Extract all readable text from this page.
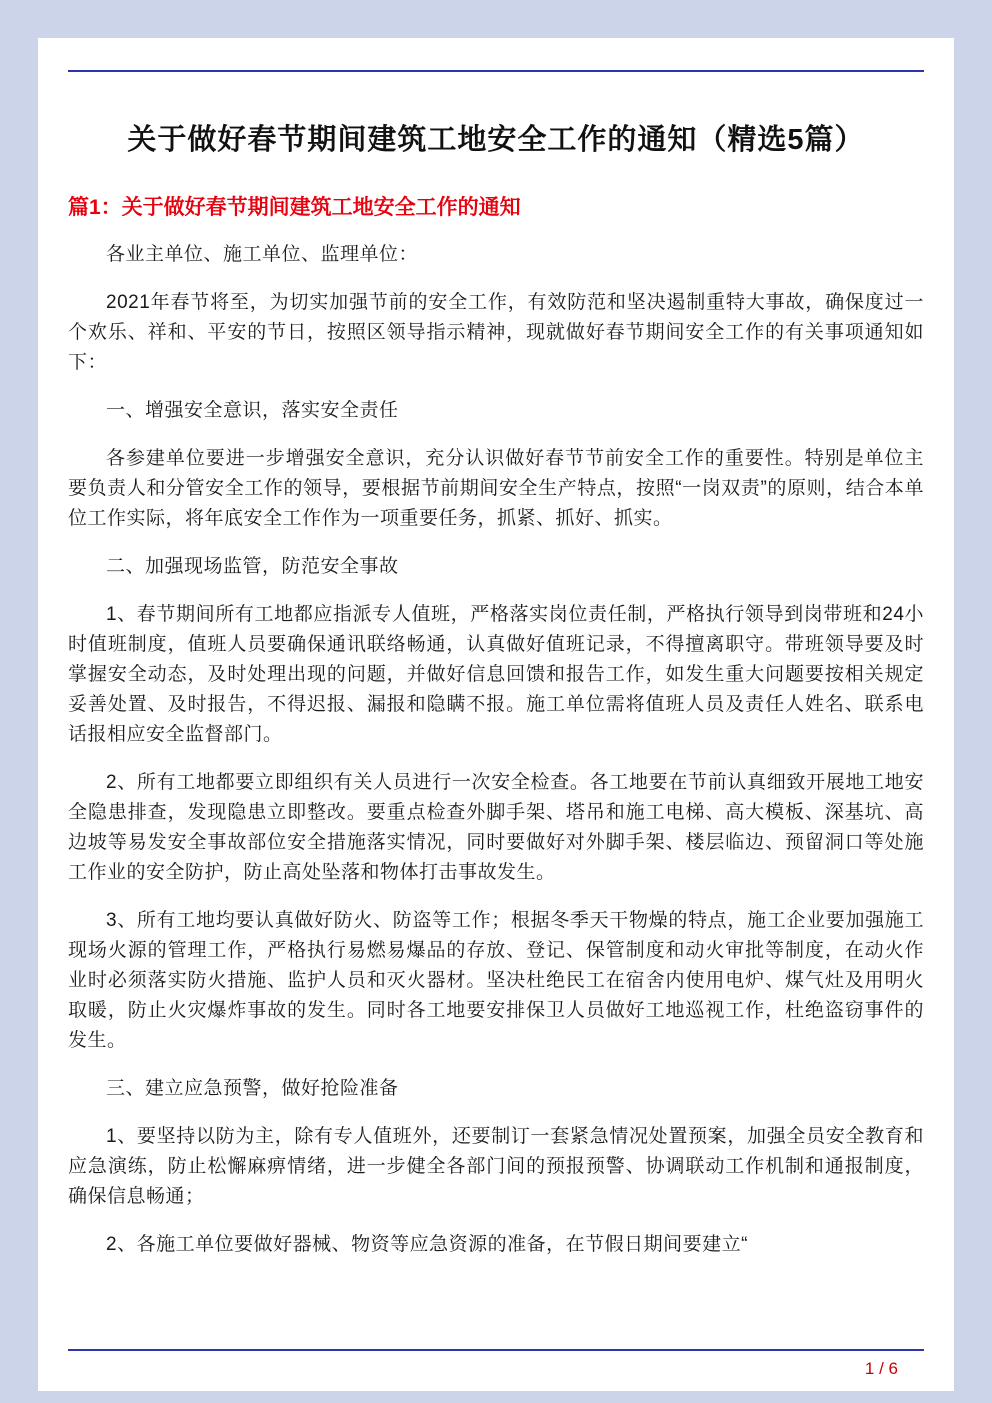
关于做好春节期间建筑工地安全工作的通知（精选5篇）
篇1：关于做好春节期间建筑工地安全工作的通知

各业主单位、施工单位、监理单位：

2021年春节将至，为切实加强节前的安全工作，有效防范和坚决遏制重特大事故，确保度过一个欢乐、祥和、平安的节日，按照区领导指示精神，现就做好春节期间安全工作的有关事项通知如下：

一、增强安全意识，落实安全责任

各参建单位要进一步增强安全意识，充分认识做好春节节前安全工作的重要性。特别是单位主要负责人和分管安全工作的领导，要根据节前期间安全生产特点，按照“一岗双责”的原则，结合本单位工作实际，将年底安全工作作为一项重要任务，抓紧、抓好、抓实。

二、加强现场监管，防范安全事故

1、春节期间所有工地都应指派专人值班，严格落实岗位责任制，严格执行领导到岗带班和24小时值班制度，值班人员要确保通讯联络畅通，认真做好值班记录，不得擅离职守。带班领导要及时掌握安全动态，及时处理出现的问题，并做好信息回馈和报告工作，如发生重大问题要按相关规定妥善处置、及时报告，不得迟报、漏报和隐瞒不报。施工单位需将值班人员及责任人姓名、联系电话报相应安全监督部门。

2、所有工地都要立即组织有关人员进行一次安全检查。各工地要在节前认真细致开展地工地安全隐患排查，发现隐患立即整改。要重点检查外脚手架、塔吊和施工电梯、高大模板、深基坑、高边坡等易发安全事故部位安全措施落实情况，同时要做好对外脚手架、楼层临边、预留洞口等处施工作业的安全防护，防止高处坠落和物体打击事故发生。

3、所有工地均要认真做好防火、防盗等工作；根据冬季天干物燥的特点，施工企业要加强施工现场火源的管理工作，严格执行易燃易爆品的存放、登记、保管制度和动火审批等制度，在动火作业时必须落实防火措施、监护人员和灭火器材。坚决杜绝民工在宿舍内使用电炉、煤气灶及用明火取暖，防止火灾爆炸事故的发生。同时各工地要安排保卫人员做好工地巡视工作，杜绝盗窃事件的发生。

三、建立应急预警，做好抢险准备

1、要坚持以防为主，除有专人值班外，还要制订一套紧急情况处置预案，加强全员安全教育和应急演练，防止松懈麻痹情绪，进一步健全各部门间的预报预警、协调联动工作机制和通报制度，确保信息畅通；

2、各施工单位要做好器械、物资等应急资源的准备，在节假日期间要建立“

1 / 6
